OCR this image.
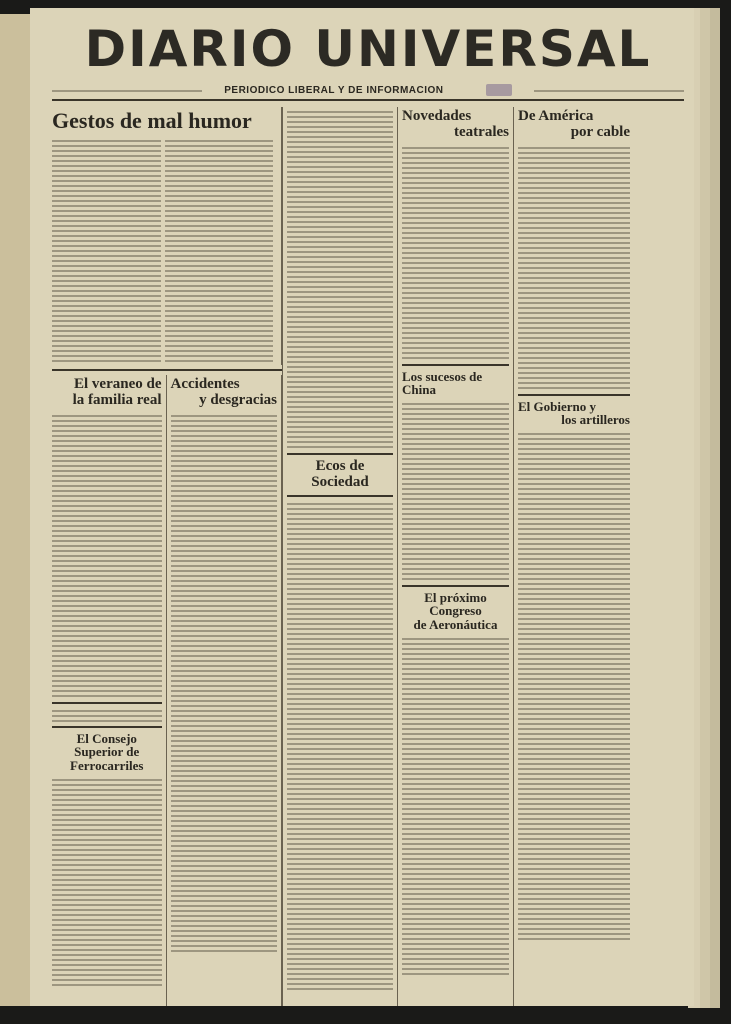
DIARIO UNIVERSAL
PERIODICO LIBERAL Y DE INFORMACION
Gestos de mal humor
El veraneo de
la familia real
El Consejo Superior de
Ferrocarriles
Accidentes

y desgracias
Ecos de Sociedad
Novedades

teatrales
Los sucesos de China
El próximo Congreso
de Aeronáutica
De América

por cable
El Gobierno y

los artilleros
